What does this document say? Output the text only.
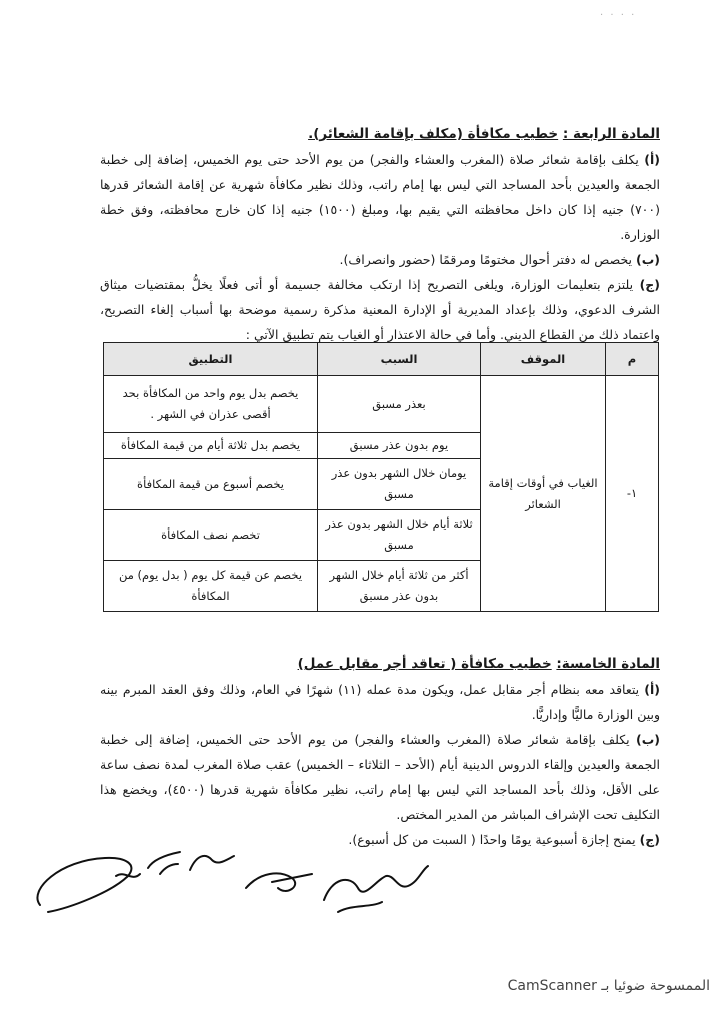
· · · ·
المادة الرابعة : خطيب مكافأة (مكلف بإقامة الشعائر).
(أ) يكلف بإقامة شعائر صلاة (المغرب والعشاء والفجر) من يوم الأحد حتى يوم الخميس، إضافة إلى خطبة الجمعة والعيدين بأحد المساجد التي ليس بها إمام راتب، وذلك نظير مكافأة شهرية عن إقامة الشعائر قدرها (٧٠٠) جنيه إذا كان داخل محافظته التي يقيم بها، ومبلغ (١٥٠٠) جنيه إذا كان خارج محافظته، وفق خطة الوزارة.
(ب) يخصص له دفتر أحوال مختومًا ومرقمًا (حضور وانصراف).
(ج) يلتزم بتعليمات الوزارة، ويلغى التصريح إذا ارتكب مخالفة جسيمة أو أتى فعلًا يخلُّ بمقتضيات ميثاق الشرف الدعوي، وذلك بإعداد المديرية أو الإدارة المعنية مذكرة رسمية موضحة بها أسباب إلغاء التصريح، واعتماد ذلك من القطاع الديني. وأما في حالة الاعتذار أو الغياب يتم تطبيق الآتي :
م	الموقف	السبب	التطبيق
١-	الغياب في أوقات إقامة الشعائر	بعذر مسبق	يخصم بدل يوم واحد من المكافأة بحد أقصى عذران في الشهر .
		يوم بدون عذر مسبق	يخصم بدل ثلاثة أيام من قيمة المكافأة
		يومان خلال الشهر بدون عذر مسبق	يخصم أسبوع من قيمة المكافأة
		ثلاثة أيام خلال الشهر بدون عذر مسبق	تخصم نصف المكافأة
		أكثر من ثلاثة أيام خلال الشهر بدون عذر مسبق	يخصم عن قيمة كل يوم ( بدل يوم) من المكافأة
المادة الخامسة: خطيب مكافأة ( تعاقد أجر مقابل عمل)
(أ) يتعاقد معه بنظام أجر مقابل عمل، ويكون مدة عمله (١١) شهرًا في العام، وذلك وفق العقد المبرم بينه وبين الوزارة ماليًّا وإداريًّا.
(ب) يكلف بإقامة شعائر صلاة (المغرب والعشاء والفجر) من يوم الأحد حتى الخميس، إضافة إلى خطبة الجمعة والعيدين وإلقاء الدروس الدينية أيام (الأحد – الثلاثاء – الخميس) عقب صلاة المغرب لمدة نصف ساعة على الأقل، وذلك بأحد المساجد التي ليس بها إمام راتب، نظير مكافأة شهرية قدرها (٤٥٠٠)، ويخضع هذا التكليف تحت الإشراف المباشر من المدير المختص.
(ج) يمنح إجازة أسبوعية يومًا واحدًا ( السبت من كل أسبوع).
CamScanner الممسوحة ضوئيا بـ
